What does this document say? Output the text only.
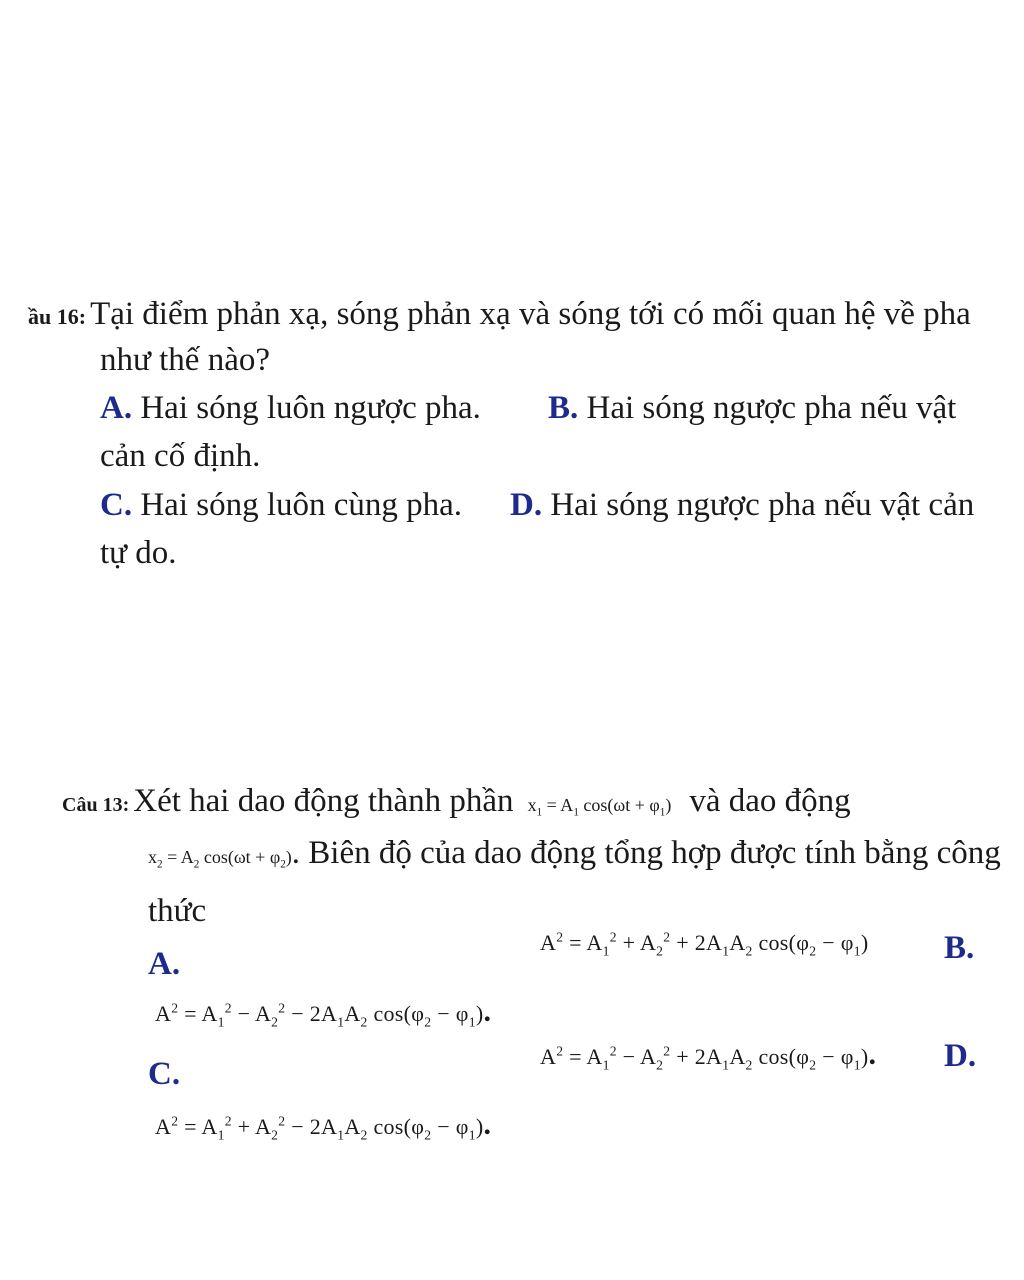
ầu 16: Tại điểm phản xạ, sóng phản xạ và sóng tới có mối quan hệ về pha
như thế nào?
A. Hai sóng luôn ngược pha. B. Hai sóng ngược pha nếu vật
cản cố định.
C. Hai sóng luôn cùng pha. D. Hai sóng ngược pha nếu vật cản
tự do.
Câu 13: Xét hai dao động thành phần $x_1 = A_1$ $\cos(\omega t + \varphi_1)$ và dao động
$x_2 = A_2$ $\cos(\omega t + \varphi_2)$. Biên độ của dao động tổng hợp được tính bằng công
thức
A.
$A^2 = A_1^2 + A_2^2 + 2A_1A_2$ $\cos(\varphi_2 - \varphi_1)$ B.
$A^2 = A_1^2 - A_2^2 - 2A_1A_2$ $\cos(\varphi_2 - \varphi_1)$.
C.	$A^2 = A_1^2 - A_2^2 + 2A_1A_2$ $\cos(\varphi_2 - \varphi_1)$. D.
$A^2 = A_1^2 + A_2^2 - 2A_1A_2$ $\cos(\varphi_2 - \varphi_1)$.
